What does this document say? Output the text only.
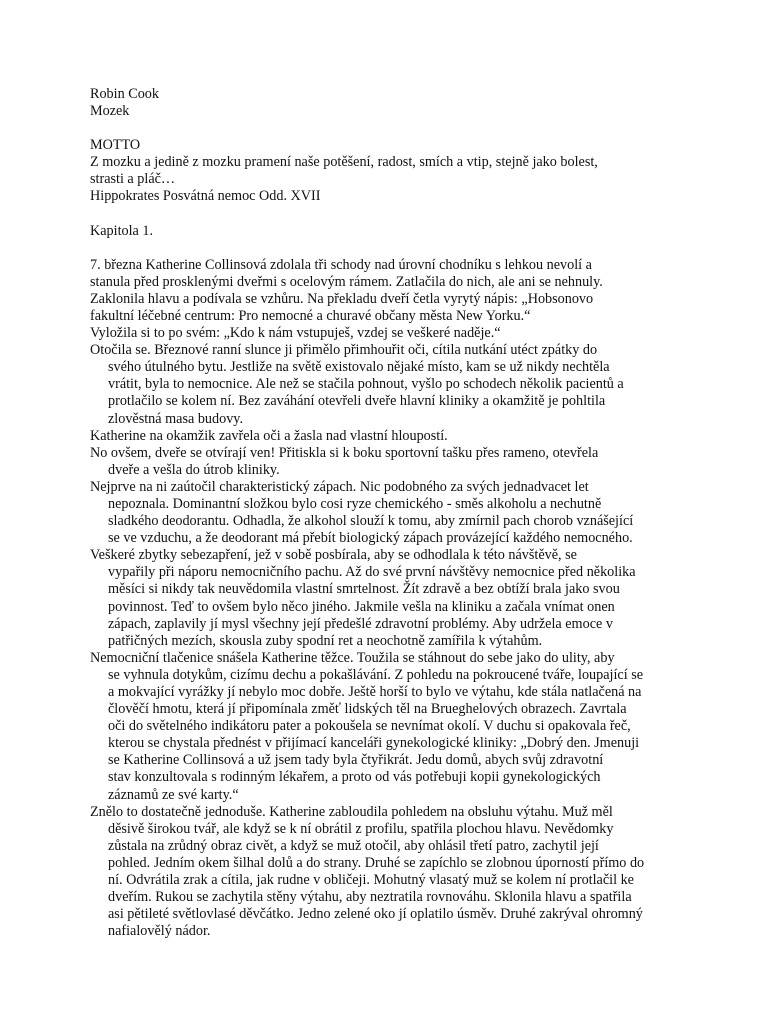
Robin Cook
Mozek
MOTTO
Z mozku a jedině z mozku pramení naše potěšení, radost, smích a vtip, stejně jako bolest,
strasti a pláč…
Hippokrates Posvátná nemoc Odd. XVII
Kapitola 1.
7. března Katherine Collinsová zdolala tři schody nad úrovní chodníku s lehkou nevolí a
stanula před prosklenými dveřmi s ocelovým rámem. Zatlačila do nich, ale ani se nehnuly.
Zaklonila hlavu a podívala se vzhůru. Na překladu dveří četla vyrytý nápis: „Hobsonovo
fakultní léčebné centrum: Pro nemocné a churavé občany města New Yorku.“
Vyložila si to po svém: „Kdo k nám vstupuješ, vzdej se veškeré naděje.“
Otočila se. Březnové ranní slunce ji přimělo přimhouřit oči, cítila nutkání utéct zpátky do
svého útulného bytu. Jestliže na světě existovalo nějaké místo, kam se už nikdy nechtěla
vrátit, byla to nemocnice. Ale než se stačila pohnout, vyšlo po schodech několik pacientů a
protlačilo se kolem ní. Bez zaváhání otevřeli dveře hlavní kliniky a okamžitě je pohltila
zlověstná masa budovy.
Katherine na okamžik zavřela oči a žasla nad vlastní hloupostí.
No ovšem, dveře se otvírají ven! Přitiskla si k boku sportovní tašku přes rameno, otevřela
dveře a vešla do útrob kliniky.
Nejprve na ni zaútočil charakteristický zápach. Nic podobného za svých jednadvacet let
nepoznala. Dominantní složkou bylo cosi ryze chemického - směs alkoholu a nechutně
sladkého deodorantu. Odhadla, že alkohol slouží k tomu, aby zmírnil pach chorob vznášející
se ve vzduchu, a že deodorant má přebít biologický zápach provázející každého nemocného.
Veškeré zbytky sebezapření, jež v sobě posbírala, aby se odhodlala k této návštěvě, se
vypařily při náporu nemocničního pachu. Až do své první návštěvy nemocnice před několika
měsíci si nikdy tak neuvědomila vlastní smrtelnost. Žít zdravě a bez obtíží brala jako svou
povinnost. Teď to ovšem bylo něco jiného. Jakmile vešla na kliniku a začala vnímat onen
zápach, zaplavily jí mysl všechny její předešlé zdravotní problémy. Aby udržela emoce v
patřičných mezích, skousla zuby spodní ret a neochotně zamířila k výtahům.
Nemocniční tlačenice snášela Katherine těžce. Toužila se stáhnout do sebe jako do ulity, aby
se vyhnula dotykům, cizímu dechu a pokašlávání. Z pohledu na pokroucené tváře, loupající se
a mokvající vyrážky jí nebylo moc dobře. Ještě horší to bylo ve výtahu, kde stála natlačená na
člověčí hmotu, která jí připomínala změť lidských těl na Brueghelových obrazech. Zavrtala
oči do světelného indikátoru pater a pokoušela se nevnímat okolí. V duchu si opakovala řeč,
kterou se chystala přednést v přijímací kanceláři gynekologické kliniky: „Dobrý den. Jmenuji
se Katherine Collinsová a už jsem tady byla čtyřikrát. Jedu domů, abych svůj zdravotní
stav konzultovala s rodinným lékařem, a proto od vás potřebuji kopii gynekologických
záznamů ze své karty.“
Znělo to dostatečně jednoduše. Katherine zabloudila pohledem na obsluhu výtahu. Muž měl
děsivě širokou tvář, ale když se k ní obrátil z profilu, spatřila plochou hlavu. Nevědomky
zůstala na zrůdný obraz civět, a když se muž otočil, aby ohlásil třetí patro, zachytil její
pohled. Jedním okem šilhal dolů a do strany. Druhé se zapíchlo se zlobnou úporností přímo do
ní. Odvrátila zrak a cítila, jak rudne v obličeji. Mohutný vlasatý muž se kolem ní protlačil ke
dveřím. Rukou se zachytila stěny výtahu, aby neztratila rovnováhu. Sklonila hlavu a spatřila
asi pětileté světlovlasé děvčátko. Jedno zelené oko jí oplatilo úsměv. Druhé zakrýval ohromný
nafialovělý nádor.
